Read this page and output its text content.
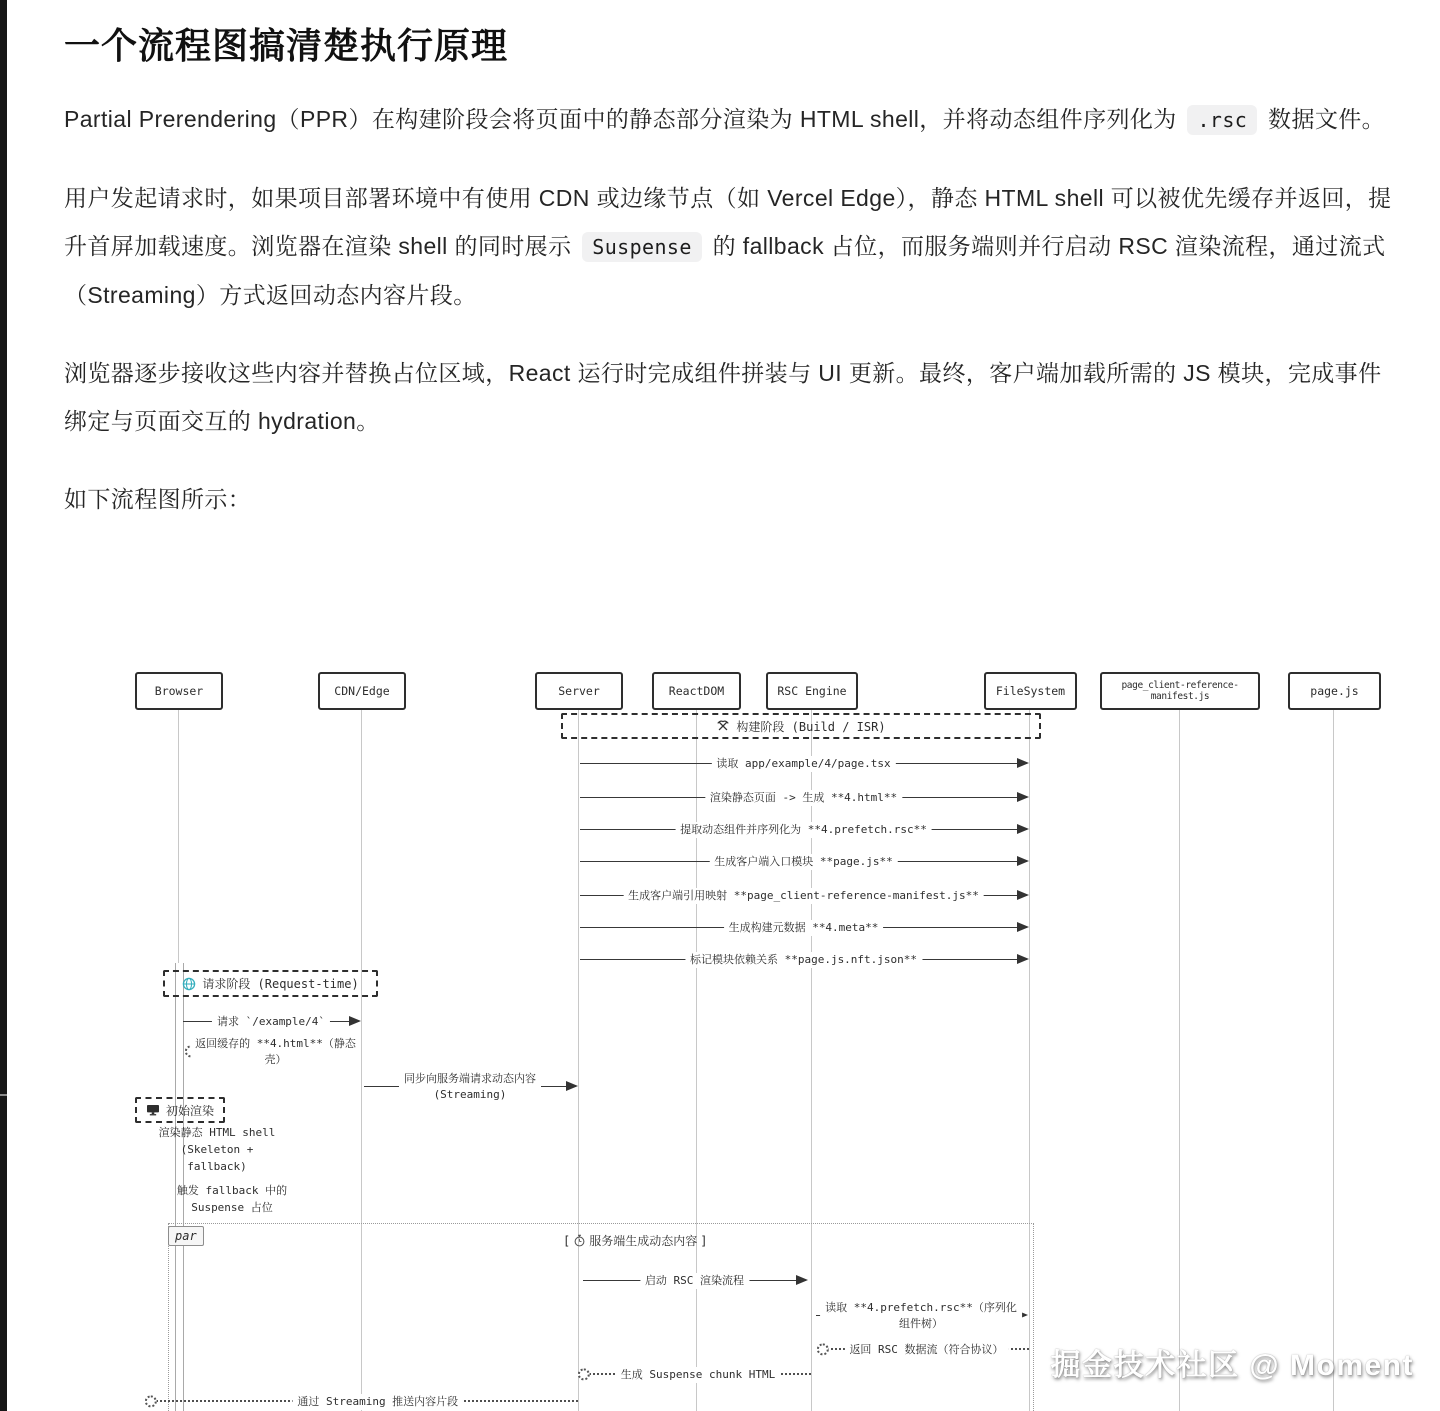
一个流程图搞清楚执行原理

Partial Prerendering（PPR）在构建阶段会将页面中的静态部分渲染为 HTML shell，并将动态组件序列化为 .rsc 数据文件。

用户发起请求时，如果项目部署环境中有使用 CDN 或边缘节点（如 Vercel Edge），静态 HTML shell 可以被优先缓存并返回，提升首屏加载速度。浏览器在渲染 shell 的同时展示 Suspense 的 fallback 占位，而服务端则并行启动 RSC 渲染流程，通过流式（Streaming）方式返回动态内容片段。

浏览器逐步接收这些内容并替换占位区域，React 运行时完成组件拼装与 UI 更新。最终，客户端加载所需的 JS 模块，完成事件绑定与页面交互的 hydration。

如下流程图所示：

Browser	CDN/Edge	Server	ReactDOM	RSC Engine	FileSystem	page_client-reference-manifest.js	page.js
构建阶段 (Build / ISR)
读取 app/example/4/page.tsx
渲染静态页面 -> 生成 **4.html**
提取动态组件并序列化为 **4.prefetch.rsc**
生成客户端入口模块 **page.js**
生成客户端引用映射 **page_client-reference-manifest.js**
生成构建元数据 **4.meta**
标记模块依赖关系 **page.js.nft.json**
请求阶段 (Request-time)
请求 `/example/4`
返回缓存的 **4.html**（静态
壳）
同步向服务端请求动态内容
(Streaming)
初始渲染
渲染静态 HTML shell
(Skeleton +
fallback)
触发 fallback 中的
Suspense 占位
par	[ 服务端生成动态内容 ]
启动 RSC 渲染流程
读取 **4.prefetch.rsc**（序列化
组件树）
返回 RSC 数据流（符合协议）
生成 Suspense chunk HTML
通过 Streaming 推送内容片段
掘金技术社区 @ Moment
